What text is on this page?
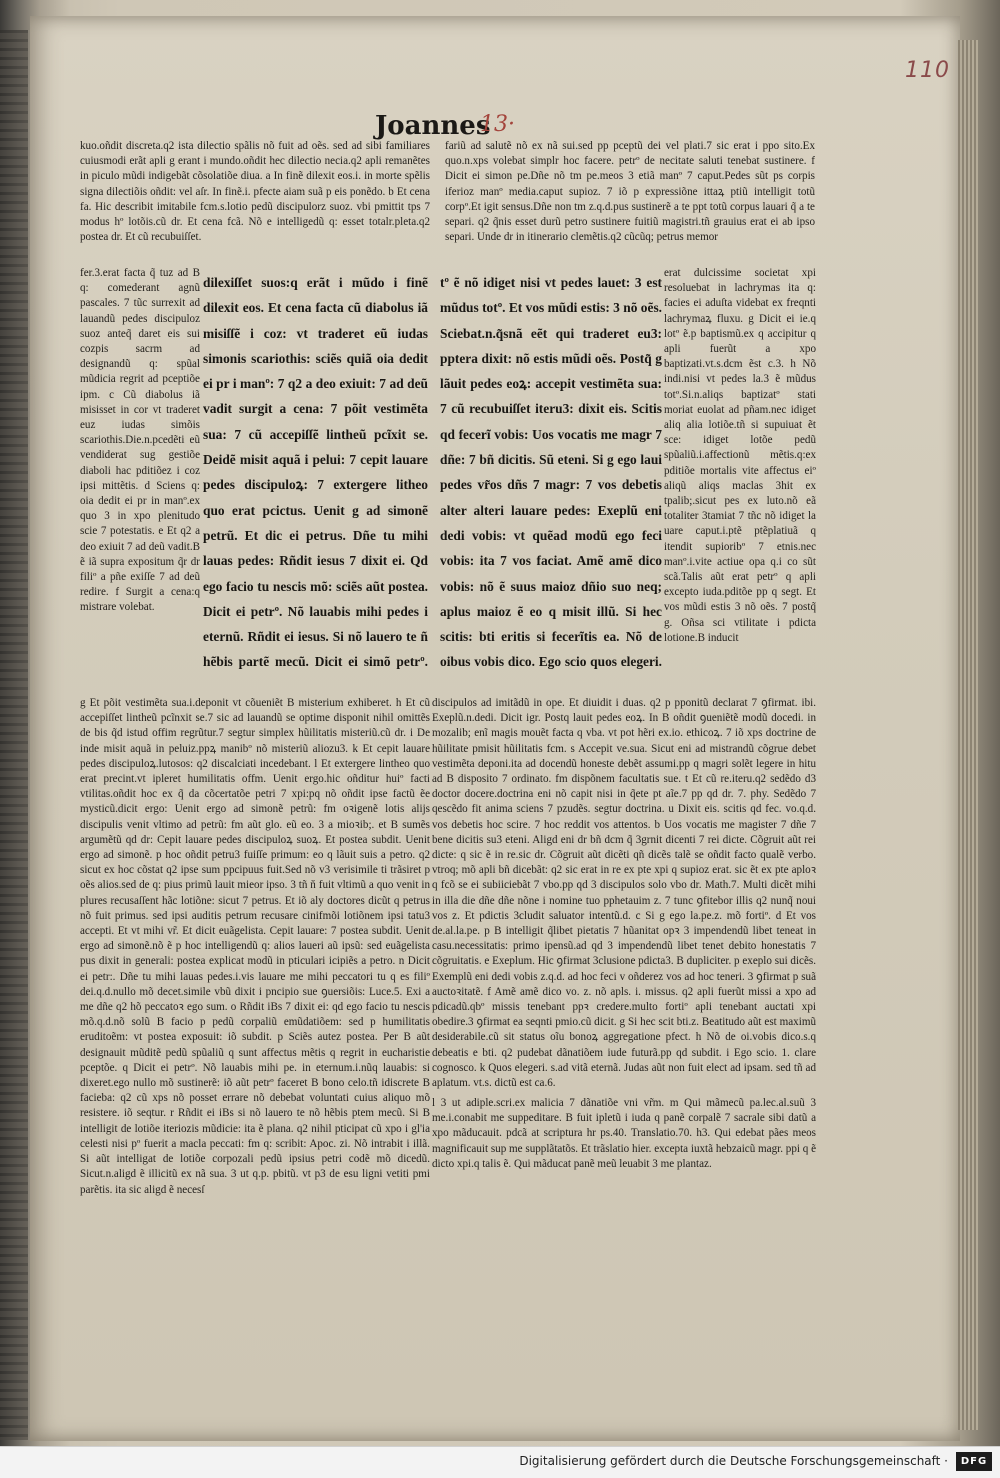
110
Joannes
13·

kuo.oñdit discreta.q2 ista dilectio spãlis nõ fuit ad oẽs. sed ad sibi familiares cuiusmodi erãt apli g erant i mundo.oñdit hec dilectio necia.q2 apli remanẽtes in piculo mũdi indigebãt cõsolatiõe diua. a In finẽ dilexit eos.i. in morte spẽlis signa dilectiõis oñdit: vel aſr. In finẽ.i. pfecte aiam suã p eis ponẽdo. b Et cena fa. Hic describit imitabile fcm.s.lotio pedũ discipulorz suoz. vbi pmittit tps 7 modus hº lotõis.cũ dr. Et cena fcã. Nõ e intelligedũ q: esset totalr.pleta.q2 postea dr. Et cũ recubuiſſet.

fariũ ad salutẽ nõ ex nã sui.sed pp pceptũ dei vel plati.7 sic erat i ppo sito.Ex quo.n.xps volebat simplr hoc facere. petrº de necitate saluti tenebat sustinere. f Dicit ei simon pe.Dñe nõ tm pe.meos 3 etiã manº 7 caput.Pedes sũt ps corpis iferioz manº media.caput supioz. 7 iõ p expressiõne ittaꝝ ptiũ intelligit totũ corpº.Et igit sensus.Dñe non tm z.q.d.pus sustinerẽ a te ppt totũ corpus lauari q̃ a te separi. q2 q̃nis esset durũ petro sustinere fuitiũ magistri.tñ grauius erat ei ab ipso separi. Unde dr in itinerario clemẽtis.q2 cũcũq; petrus memor

fer.3.erat facta q̃ tuz ad B q: comederant agnũ pascales. 7 tũc surrexit ad lauandũ pedes discipuloz suoz anteq̃ daret eis sui cozpis sacrm ad designandũ q: spũal mũdicia regrit ad pceptiõe ipm. c Cũ diabolus iã misisset in cor vt traderet euz iudas simõis scariothis.Die.n.pcedẽti eũ vendiderat sug gestiõe diaboli hac pditiõez i coz ipsi mittẽtis. d Sciens q: oia dedit ei pr in manº.ex quo 3 in xpo plenitudo scie 7 potestatis. e Et q2 a deo exiuit 7 ad deũ vadit.B ẽ iã supra expositum q̃r dr filiº a pñe exiſſe 7 ad deũ redire. f Surgit a cena:q mistrare volebat.

dilexiſſet suos:q erãt i mũdo i finẽ dilexit eos. Et cena facta cũ diabolus iã misiſſẽ i coz: vt traderet eũ iudas simonis scariothis: sciẽs quiã oia dedit ei pr i manº: 7 q2 a deo exiuit: 7 ad deũ vadit surgit a cena: 7 põit vestimẽta sua: 7 cũ accepiſſẽ lintheũ pcĩxit se. Deidẽ misit aquã i pelui: 7 cepit lauare pedes discipuloꝝ: 7 extergere litheo quo erat pcictus. Uenit g ad simonẽ petrũ. Et dic ei petrus. Dñe tu mihi lauas pedes: Rñdit iesus 7 dixit ei. Qd ego facio tu nescis mõ: sciẽs aũt postea. Dicit ei petrº. Nõ lauabis mihi pedes i eternũ. Rñdit ei iesus. Si nõ lauero te ñ hẽbis partẽ mecũ. Dicit ei simõ petrº.

tº ẽ nõ idiget nisi vt pedes lauet: 3 est mũdus totº. Et vos mũdi estis: 3 nõ oẽs. Sciebat.n.q̃snã eẽt qui traderet eu3: pptera dixit: nõ estis mũdi oẽs. Postq̃ g lãuit pedes eoꝝ: accepit vestimẽta sua: 7 cũ recubuiſſet iteru3: dixit eis. Scitis qd fecerĩ vobis: Uos vocatis me magr 7 dñe: 7 bñ dicitis. Sũ eteni. Si g ego laui pedes vr̃os dñs 7 magr: 7 vos debetis alter alteri lauare pedes: Exeplũ eni dedi vobis: vt quẽad modũ ego feci vobis: ita 7 vos faciat. Amẽ amẽ dico vobis: nõ ẽ suus maioz dñio suo neq; aplus maioz ẽ eo q misit illũ. Si hec scitis: bti eritis si fecerĩtis ea. Nõ de oibus vobis dico. Ego scio quos elegeri.

erat dulcissime societat xpi resoluebat in lachrymas ita q: facies ei aduſta videbat ex freqnti lachrymaꝝ fluxu. g Dicit ei ie.q lotº ẽ.p baptismũ.ex q accipitur q apli fuerũt a xpo baptizati.vt.s.dcm ẽst c.3. h Nõ indi.nisi vt pedes la.3 ẽ mũdus totº.Si.n.aliqs baptizatº stati moriat euolat ad pñam.nec idiget aliq alia lotiõe.tñ si supuiuat ẽt sce: idiget lotõe pedũ spũaliũ.i.affectionũ mẽtis.q:ex pditiõe mortalis vite affectus eiº aliqũ aliqs maclas 3hit ex tpalib;.sicut pes ex luto.nõ eã totaliter 3tamiat 7 tñc nõ idiget la uare caput.i.ptẽ ptẽplatiuã q itendit supioribº 7 etnis.nec manº.i.vite actiue opa q.i co sũt scã.Talis aũt erat petrº q apli excepto iuda.pditõe pp q segt. Et vos mũdi estis 3 nõ oẽs. 7 postq̃ g. Oñsa sci vtilitate i pdicta lotione.B inducit

g Et põit vestimẽta sua.i.deponit vt cõueniẽt B misterium exhiberet. h Et cũ accepiſſet lintheũ pcĩnxit se.7 sic ad lauandũ se optime disponit nihil omittẽs de bis q̃d istud offim regrũtur.7 segtur simplex hũilitatis misteriũ.cũ dr. i De inde misit aquã in peluiz.ppꝝ manibº nõ misteriũ aliozu3. k Et cepit lauare pedes discipuloꝝ.lutosos: q2 discalciati incedebant. l Et extergere lintheo quo erat precint.vt ipleret humilitatis offm. Uenit ergo.hic oñditur huiº facti vtilitas.oñdit hoc ex q̃ da cõcertatõe petri 7 xpi:pq nõ oñdit ipse factũ ẽe mysticũ.dicit ergo: Uenit ergo ad simonẽ petrũ: fm oꝛigenẽ lotis alijs discipulis venit vltimo ad petrũ: fm aũt glo. eũ eo. 3 a mioꝛib;. et B sumẽs argumẽtũ qd dr: Cepit lauare pedes discipuloꝝ suoꝝ. Et postea subdit. Uenit ergo ad simonẽ. p hoc oñdit petru3 fuiſſe primum: eo q lãuit suis a petro. q2 sicut ex hoc cõstat q2 ipse sum ppcipuus fuit.Sed nõ v3 verisimile ti trãsiret p oẽs alios.sed de q: pius primũ lauit mieor ipso. 3 tñ n̆ fuit vltimũ a quo venit in plures recusaſſent hãc lotiõne: sicut 7 petrus. Et iõ aly doctores dicũt q petrus nõ fuit primus. sed ipsi auditis petrum recusare cinifmõi lotiõnem ipsi tatu3 accepti. Et vt mihi vr̃. Et dicit euãgelista. Cepit lauare: 7 postea subdit. Uenit ergo ad simonẽ.nõ ẽ p hoc intelligendũ q: alios laueri aũ ipsũ: sed euãgelista pus dixit in generali: postea explicat modũ in pticulari icipiẽs a petro. n Dicit ei petr:. Dñe tu mihi lauas pedes.i.vis lauare me mihi peccatori tu q es filiº dei.q.d.nullo mõ decet.simile vbũ dixit i pncipio sue ꝯuersiõis: Luce.5. Exi a me dñe q2 hõ peccatoꝛ ego sum. o Rñdit iBs 7 dixit ei: qd ego facio tu nescis mõ.q.d.nõ solũ B facio p pedũ corpaliũ emũdatiõem: sed p humilitatis eruditoẽm: vt postea exposuit: iõ subdit. p Sciẽs autez postea. Per B aũt designauit mũditẽ pedũ spũaliũ q sunt affectus mẽtis q regrit in eucharistie pceptõe. q Dicit ei petrº. Nõ lauabis mihi pe. in eternum.i.nũq lauabis: si dixeret.ego nullo mõ sustinerẽ: iõ aũt petrº faceret B bono celo.tñ idiscrete B facieba: q2 cũ xps nõ posset errare nõ debebat voluntati cuius aliquo mõ resistere. iõ seqtur. r Rñdit ei iBs si nõ lauero te nõ hẽbis ptem mecũ. Si B intelligit de lotiõe iteriozis mũdicie: ita ẽ plana. q2 nihil pticipat cũ xpo i gl'ia celesti nisi pº fuerit a macla peccati: fm q: scribit: Apoc. zi. Nõ intrabit i illã. Si aũt intelligat de lotiõe corpozali pedũ ipsius petri codẽ mõ dicedũ. Sicut.n.aligd ẽ illicitũ ex nã sua. 3 ut q.p. pbitũ. vt p3 de esu ligni vetiti pmi parẽtis. ita sic aligd ẽ necesſ

discipulos ad imitãdũ in ope. Et diuidit i duas. q2 p pponitũ declarat 7 ꝯfirmat. ibi. Exeplũ.n.dedi. Dicit igr. Postq lauit pedes eoꝝ. In B oñdit ꝯueniẽtẽ modũ docedi. in mozalib; enĩ magis mouẽt facta q vba. vt pot hẽri ex.io. ethicoꝝ. 7 iõ xps doctrine de hũilitate pmisit hũilitatis fcm. s Accepit ve.sua. Sicut eni ad mistrandũ cõgrue debet vestimẽta deponi.ita ad docendũ honeste debẽt assumi.pp q magri solẽt legere in hitu ad B disposito 7 ordinato. fm dispõnem facultatis sue. t Et cũ re.iteru.q2 sedẽdo d3 doctor docere.doctrina eni nõ capit nisi in q̃ete pt aĩe.7 pp qd dr. 7. phy. Sedẽdo 7 qescẽdo fit anima sciens 7 pzudẽs. segtur doctrina. u Dixit eis. scitis qd fec. vo.q.d. vos debetis hoc scire. 7 hoc reddit vos attentos. b Uos vocatis me magister 7 dñe 7 bene dicitis su3 eteni. Aligd eni dr bñ dcm q̃ 3grnit dicenti 7 rei dicte. Cõgruit aũt rei dicte: q sic ẽ in re.sic dr. Cõgruit aũt dicẽti qñ dicẽs talẽ se oñdit facto qualẽ verbo. vtroq; mõ apli bñ dicebãt: q2 sic erat in re ex pte xpi q supioz erat. sic ẽt ex pte aploꝛ q fcõ se ei subiiciebãt 7 vbo.pp qd 3 discipulos solo vbo dr. Math.7. Multi dicẽt mihi in illa die dñe dñe nõne i nomine tuo pphetauim z. 7 tunc ꝯfitebor illis q2 nunq̃ noui vos z. Et pdictis 3cludit saluator intentũ.d. c Si g ego la.pe.z. mõ fortiº. d Et vos de.al.la.pe. p B intelligit q̃libet pietatis 7 hũanitat opꝛ 3 impendendũ libet teneat in casu.necessitatis: primo ipensũ.ad qd 3 impendendũ libet tenet debito honestatis 7 cõgruitatis. e Exeplum. Hic ꝯfirmat 3clusione pdicta3. B dupliciter. p exeplo sui dicẽs. Exemplũ eni dedi vobis z.q.d. ad hoc feci v oñderez vos ad hoc teneri. 3 ꝯfirmat p suã auctoꝛitatẽ. f Amẽ amẽ dico vo. z. nõ apls. i. missus. q2 apli fuerũt missi a xpo ad pdicadũ.qbº missis tenebant ppꝛ credere.multo fortiº apli tenebant auctati xpi obedire.3 ꝯfirmat ea seqnti pmio.cũ dicit. g Si hec scit bti.z. Beatitudo aũt est maximũ desiderabile.cũ sit status oĩu bonoꝝ aggregatione pfect. h Nõ de oi.vobis dico.s.q debeatis e bti. q2 pudebat dãnatiõem iude futurã.pp qd subdit. i Ego scio. 1. clare cognosco. k Quos elegeri. s.ad vitã eternã. Judas aũt non fuit elect ad ipsam. sed tñ ad aplatum. vt.s. dictũ est ca.6.

l 3 ut adiple.scri.ex malicia 7 dãnatiõe vni vr̃m. m Qui mãmecũ pa.lec.al.suũ 3 me.i.conabit me suppeditare. B fuit ipletũ i iuda q panẽ corpalẽ 7 sacrale sibi datũ a xpo mãducauit. pdcã at scriptura hr ps.40. Translatio.70. h3. Qui edebat pães meos magnificauit sup me supplãtatõs. Et trãslatio hier. excepta iuxtã hebzaicũ magr. ppi q ẽ dicto xpi.q talis ẽ. Qui mãducat panẽ meũ leuabit 3 me plantaz.

Digitalisierung gefördert durch die Deutsche Forschungsgemeinschaft ·	DFG
